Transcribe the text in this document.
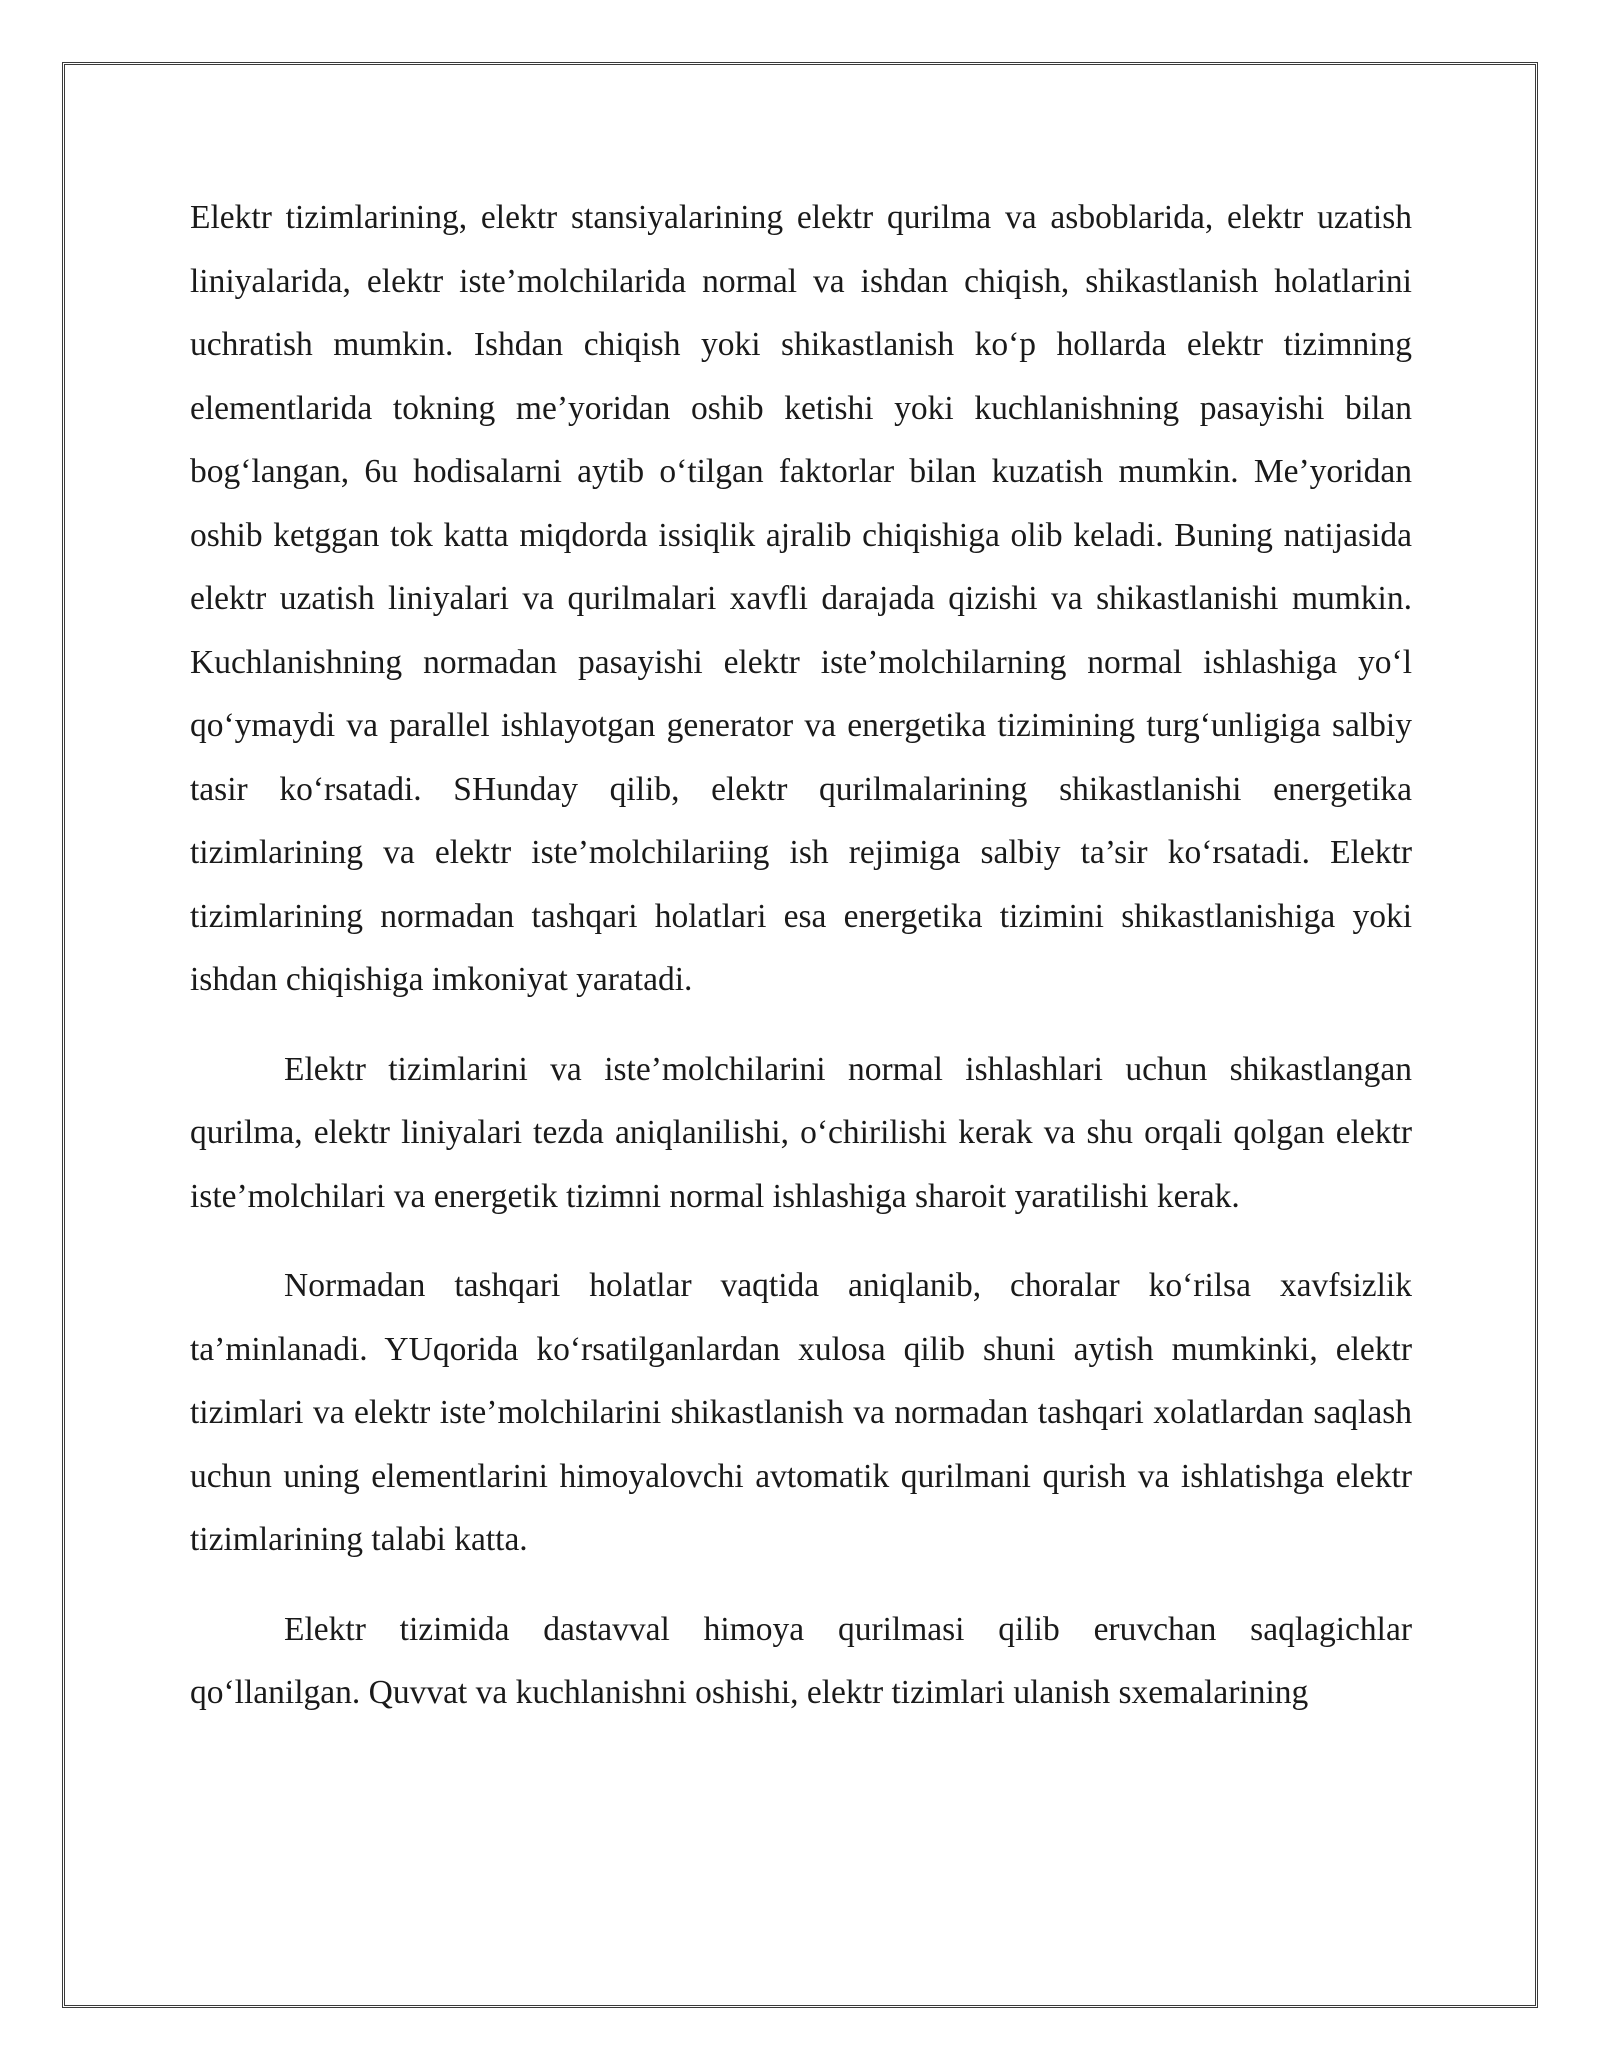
Elektr tizimlarining, elektr stansiyalarining elektr qurilma va asboblarida, elektr uzatish liniyalarida, elektr iste’molchilarida normal va ishdan chiqish, shikastlanish holatlarini uchratish mumkin. Ishdan chiqish yoki shikastlanish ko‘p hollarda elektr tizimning elementlarida tokning me’yoridan oshib ketishi yoki kuchlanishning pasayishi bilan bog‘langan, 6u hodisalarni aytib o‘tilgan faktorlar bilan kuzatish mumkin. Me’yoridan oshib ketggan tok katta miqdorda issiqlik ajralib chiqishiga olib keladi. Buning natijasida elektr uzatish liniyalari va qurilmalari xavfli darajada qizishi va shikastlanishi mumkin. Kuchlanishning normadan pasayishi elektr iste’molchilarning normal ishlashiga yo‘l qo‘ymaydi va parallel ishlayotgan generator va energetika tizimining turg‘unligiga salbiy tasir ko‘rsatadi. SHunday qilib, elektr qurilmalarining shikastlanishi energetika tizimlarining va elektr iste’molchilariing ish rejimiga salbiy ta’sir ko‘rsatadi. Elektr tizimlarining normadan tashqari holatlari esa energetika tizimini shikastlanishiga yoki ishdan chiqishiga imkoniyat yaratadi.

Elektr tizimlarini va iste’molchilarini normal ishlashlari uchun shikastlangan qurilma, elektr liniyalari tezda aniqlanilishi, o‘chirilishi kerak va shu orqali qolgan elektr iste’molchilari va energetik tizimni normal ishlashiga sharoit yaratilishi kerak.

Normadan tashqari holatlar vaqtida aniqlanib, choralar ko‘rilsa xavfsizlik ta’minlanadi. YUqorida ko‘rsatilganlardan xulosa qilib shuni aytish mumkinki, elektr tizimlari va elektr iste’molchilarini shikastlanish va normadan tashqari xolatlardan saqlash uchun uning elementlarini himoyalovchi avtomatik qurilmani qurish va ishlatishga elektr tizimlarining talabi katta.

Elektr tizimida dastavval himoya qurilmasi qilib eruvchan saqlagichlar qo‘llanilgan. Quvvat va kuchlanishni oshishi, elektr tizimlari ulanish sxemalarining
